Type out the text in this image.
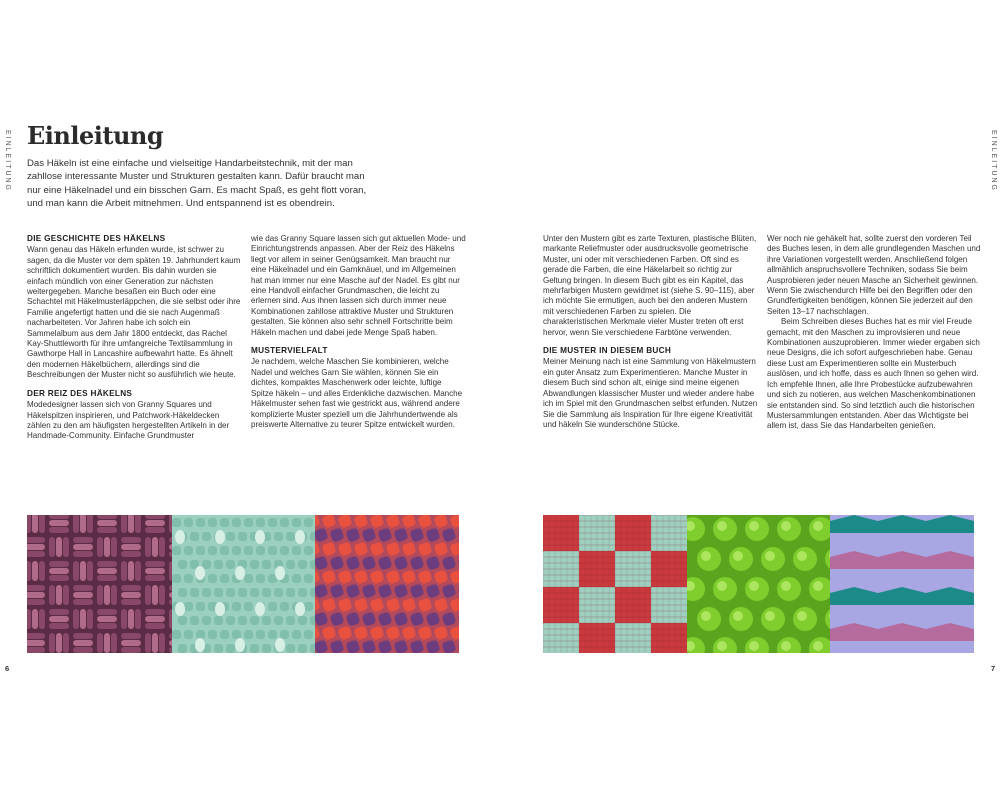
EINLEITUNG	EINLEITUNG
Einleitung

Das Häkeln ist eine einfache und vielseitige Handarbeitstechnik, mit der man zahllose interessante Muster und Strukturen gestalten kann. Dafür braucht man nur eine Häkelnadel und ein bisschen Garn. Es macht Spaß, es geht flott voran, und man kann die Arbeit mitnehmen. Und entspannend ist es obendrein.

DIE GESCHICHTE DES HÄKELNS

Wann genau das Häkeln erfunden wurde, ist schwer zu sagen, da die Muster vor dem späten 19. Jahrhundert kaum schriftlich dokumentiert wurden. Bis dahin wurden sie einfach mündlich von einer Generation zur nächsten weitergegeben. Manche besaßen ein Buch oder eine Schachtel mit Häkelmusterläppchen, die sie selbst oder ihre Familie angefertigt hatten und die sie nach Augenmaß nacharbeiteten. Vor Jahren habe ich solch ein Sammelalbum aus dem Jahr 1800 entdeckt, das Rachel Kay-Shuttleworth für ihre umfangreiche Textilsammlung in Gawthorpe Hall in Lancashire aufbewahrt hatte. Es ähnelt den modernen Häkelbüchern, allerdings sind die Beschreibungen der Muster nicht so ausführlich wie heute.

DER REIZ DES HÄKELNS

Modedesigner lassen sich von Granny Squares und Häkelspitzen inspirieren, und Patchwork-Häkeldecken zählen zu den am häufigsten hergestellten Artikeln in der Handmade-Community. Einfache Grundmuster

wie das Granny Square lassen sich gut aktuellen Mode- und Einrichtungstrends anpassen. Aber der Reiz des Häkelns liegt vor allem in seiner Genügsamkeit. Man braucht nur eine Häkelnadel und ein Garnknäuel, und im Allgemeinen hat man immer nur eine Masche auf der Nadel. Es gibt nur eine Handvoll einfacher Grundmaschen, die leicht zu erlernen sind. Aus ihnen lassen sich durch immer neue Kombinationen zahllose attraktive Muster und Strukturen gestalten. Sie können also sehr schnell Fortschritte beim Häkeln machen und dabei jede Menge Spaß haben.

MUSTERVIELFALT

Je nachdem, welche Maschen Sie kombinieren, welche Nadel und welches Garn Sie wählen, können Sie ein dichtes, kompaktes Maschenwerk oder leichte, luftige Spitze häkeln – und alles Erdenkliche dazwischen. Manche Häkelmuster sehen fast wie gestrickt aus, während andere komplizierte Muster speziell um die Jahrhundertwende als preiswerte Alternative zu teurer Spitze entwickelt wurden.

Unter den Mustern gibt es zarte Texturen, plastische Blüten, markante Reliefmuster oder ausdrucksvolle geometrische Muster, uni oder mit verschiedenen Farben. Oft sind es gerade die Farben, die eine Häkelarbeit so richtig zur Geltung bringen. In diesem Buch gibt es ein Kapitel, das mehrfarbigen Mustern gewidmet ist (siehe S. 90–115), aber ich möchte Sie ermutigen, auch bei den anderen Mustern mit verschiedenen Farben zu spielen. Die charakteristischen Merkmale vieler Muster treten oft erst hervor, wenn Sie verschiedene Farbtöne verwenden.

DIE MUSTER IN DIESEM BUCH

Meiner Meinung nach ist eine Sammlung von Häkelmustern ein guter Ansatz zum Experimentieren. Manche Muster in diesem Buch sind schon alt, einige sind meine eigenen Abwandlungen klassischer Muster und wieder andere habe ich im Spiel mit den Grundmaschen selbst erfunden. Nutzen Sie die Sammlung als Inspiration für Ihre eigene Kreativität und häkeln Sie wunderschöne Stücke.

Wer noch nie gehäkelt hat, sollte zuerst den vorderen Teil des Buches lesen, in dem alle grundlegenden Maschen und ihre Variationen vorgestellt werden. Anschließend folgen allmählich anspruchsvollere Techniken, sodass Sie beim Ausprobieren jeder neuen Masche an Sicherheit gewinnen. Wenn Sie zwischendurch Hilfe bei den Begriffen oder den Grundfertigkeiten benötigen, können Sie jederzeit auf den Seiten 13–17 nachschlagen.

Beim Schreiben dieses Buches hat es mir viel Freude gemacht, mit den Maschen zu improvisieren und neue Kombinationen auszuprobieren. Immer wieder ergaben sich neue Designs, die ich sofort aufgeschrieben habe. Genau diese Lust am Experimentieren sollte ein Musterbuch auslösen, und ich hoffe, dass es auch Ihnen so gehen wird. Ich empfehle Ihnen, alle Ihre Probestücke aufzubewahren und sich zu notieren, aus welchen Maschenkombinationen sie entstanden sind. So sind letztlich auch die historischen Mustersammlungen entstanden. Aber das Wichtigste bei allem ist, dass Sie das Handarbeiten genießen.

6	7
